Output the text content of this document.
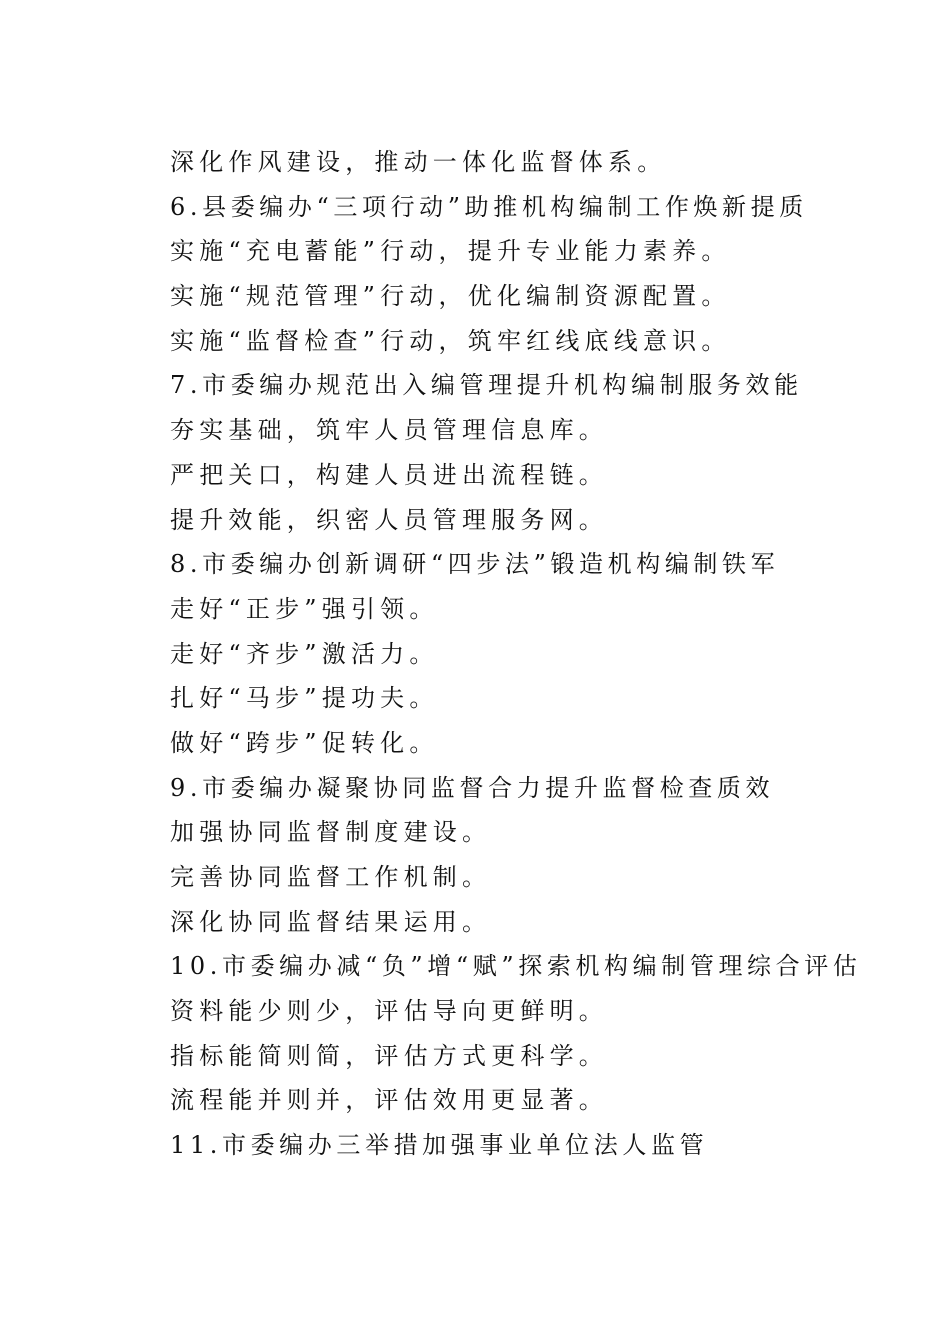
深化作风建设，推动一体化监督体系。
6.县委编办“三项行动”助推机构编制工作焕新提质
实施“充电蓄能”行动，提升专业能力素养。
实施“规范管理”行动，优化编制资源配置。
实施“监督检查”行动，筑牢红线底线意识。
7.市委编办规范出入编管理提升机构编制服务效能
夯实基础，筑牢人员管理信息库。
严把关口，构建人员进出流程链。
提升效能，织密人员管理服务网。
8.市委编办创新调研“四步法”锻造机构编制铁军
走好“正步”强引领。
走好“齐步”激活力。
扎好“马步”提功夫。
做好“跨步”促转化。
9.市委编办凝聚协同监督合力提升监督检查质效
加强协同监督制度建设。
完善协同监督工作机制。
深化协同监督结果运用。
10.市委编办减“负”增“赋”探索机构编制管理综合评估
资料能少则少，评估导向更鲜明。
指标能简则简，评估方式更科学。
流程能并则并，评估效用更显著。
11.市委编办三举措加强事业单位法人监管
